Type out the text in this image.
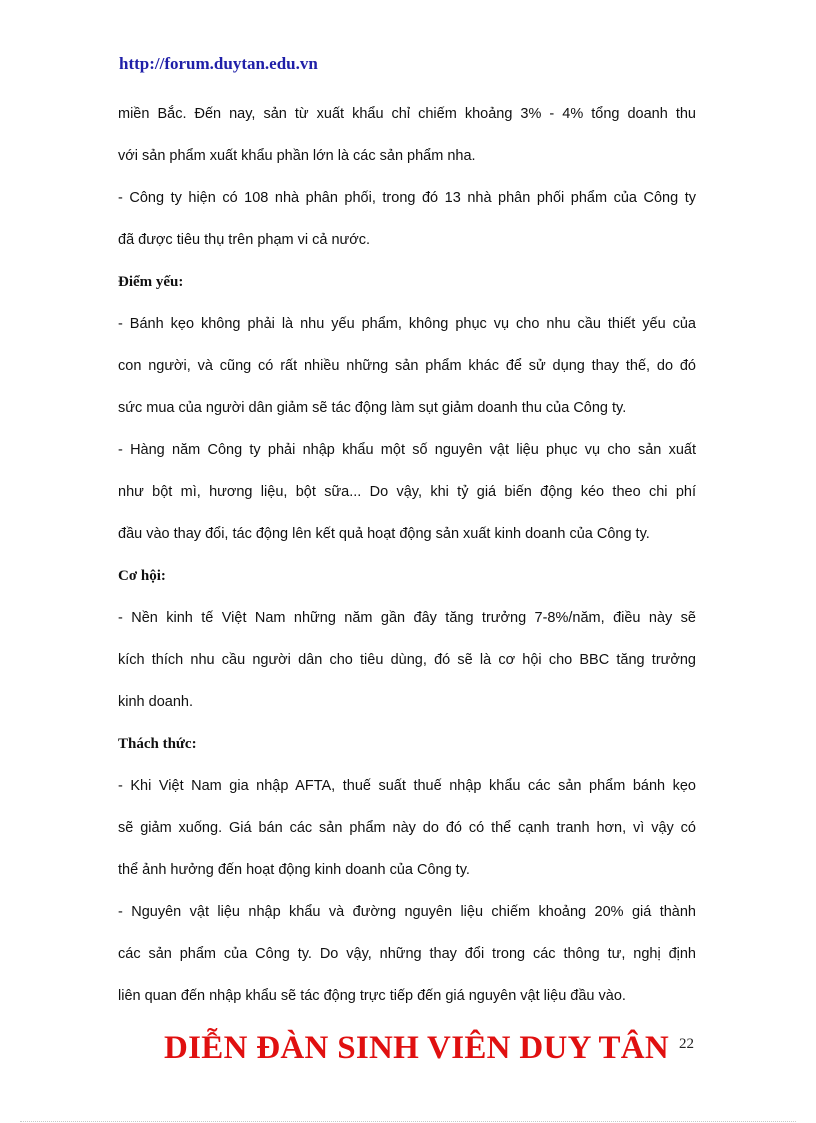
http://forum.duytan.edu.vn
miền Bắc. Đến nay, sản từ xuất khẩu chỉ chiếm khoảng 3% - 4% tổng doanh thu
với sản phẩm xuất khẩu phần lớn là các sản phẩm nha.
- Công ty hiện có 108 nhà phân phối, trong đó 13 nhà phân phối phẩm của Công ty
đã được tiêu thụ trên phạm vi cả nước.
Điểm yếu:
- Bánh kẹo không phải là nhu yếu phẩm, không phục vụ cho nhu cầu thiết yếu của
con người, và cũng có rất nhiều những sản phẩm khác để sử dụng thay thế, do đó
sức mua của người dân giảm sẽ tác động làm sụt giảm doanh thu của Công ty.
- Hàng năm Công ty phải nhập khẩu một số nguyên vật liệu phục vụ cho sản xuất
như bột mì, hương liệu, bột sữa... Do vậy, khi tỷ giá biến động kéo theo chi phí
đầu vào thay đổi, tác động lên kết quả hoạt động sản xuất kinh doanh của Công ty.
Cơ hội:
- Nền kinh tế Việt Nam những năm gần đây tăng trưởng 7-8%/năm, điều này sẽ
kích thích nhu cầu người dân cho tiêu dùng, đó sẽ là cơ hội cho BBC tăng trưởng
kinh doanh.
Thách thức:
- Khi Việt Nam gia nhập AFTA, thuế suất thuế nhập khẩu các sản phẩm bánh kẹo
sẽ giảm xuống. Giá bán các sản phẩm này do đó có thể cạnh tranh hơn, vì vậy có
thể ảnh hưởng đến hoạt động kinh doanh của Công ty.
- Nguyên vật liệu nhập khẩu và đường nguyên liệu chiếm khoảng 20% giá thành
các sản phẩm của Công ty. Do vậy, những thay đổi trong các thông tư, nghị định
liên quan đến nhập khẩu sẽ tác động trực tiếp đến giá nguyên vật liệu đầu vào.
DIỄN ĐÀN SINH VIÊN DUY TÂN 22
